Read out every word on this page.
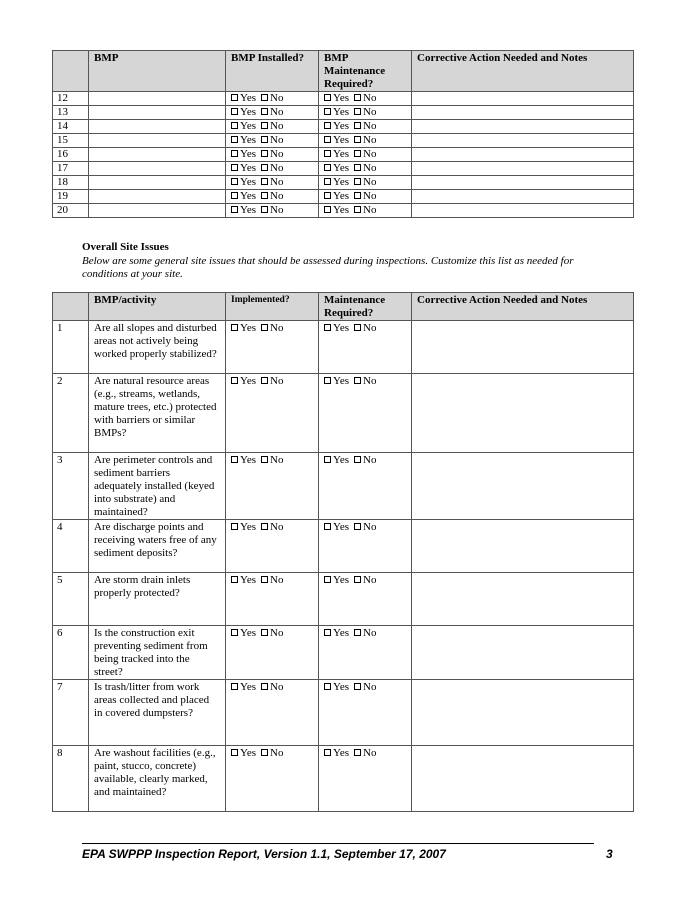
	BMP	BMP Installed?	BMP Maintenance Required?	Corrective Action Needed and Notes
12		Yes No	Yes No	
13		Yes No	Yes No	
14		Yes No	Yes No	
15		Yes No	Yes No	
16		Yes No	Yes No	
17		Yes No	Yes No	
18		Yes No	Yes No	
19		Yes No	Yes No	
20		Yes No	Yes No	
Overall Site Issues
Below are some general site issues that should be assessed during inspections. Customize this list as needed for conditions at your site.
	BMP/activity	Implemented?	Maintenance Required?	Corrective Action Needed and Notes
1	Are all slopes and disturbed areas not actively being worked properly stabilized?	Yes No	Yes No	
2	Are natural resource areas (e.g., streams, wetlands, mature trees, etc.) protected with barriers or similar BMPs?	Yes No	Yes No	
3	Are perimeter controls and sediment barriers adequately installed (keyed into substrate) and maintained?	Yes No	Yes No	
4	Are discharge points and receiving waters free of any sediment deposits?	Yes No	Yes No	
5	Are storm drain inlets properly protected?	Yes No	Yes No	
6	Is the construction exit preventing sediment from being tracked into the street?	Yes No	Yes No	
7	Is trash/litter from work areas collected and placed in covered dumpsters?	Yes No	Yes No	
8	Are washout facilities (e.g., paint, stucco, concrete) available, clearly marked, and maintained?	Yes No	Yes No	
EPA SWPPP Inspection Report, Version 1.1, September 17, 2007	3
